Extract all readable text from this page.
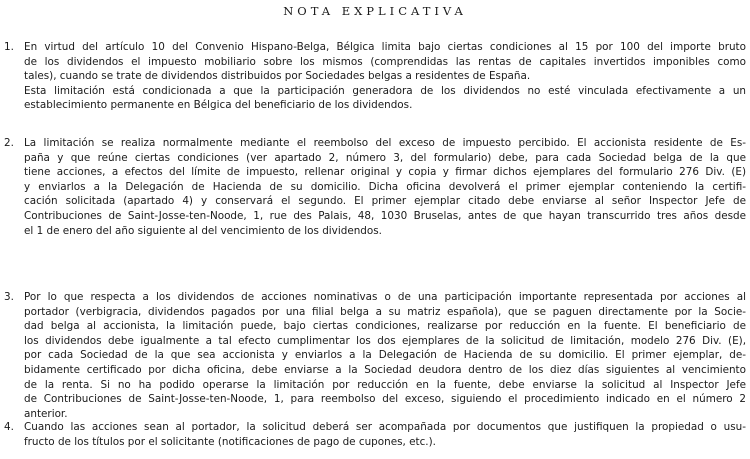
NOTA EXPLICATIVA
1. En virtud del artículo 10 del Convenio Hispano-Belga, Bélgica limita bajo ciertas condiciones al 15 por 100 del importe bruto
de los dividendos el impuesto mobiliario sobre los mismos (comprendidas las rentas de capitales invertidos imponibles como
tales), cuando se trate de dividendos distribuidos por Sociedades belgas a residentes de España.
Esta limitación está condicionada a que la participación generadora de los dividendos no esté vinculada efectivamente a un
establecimiento permanente en Bélgica del beneficiario de los dividendos.
2. La limitación se realiza normalmente mediante el reembolso del exceso de impuesto percibido. El accionista residente de Es-
paña y que reúne ciertas condiciones (ver apartado 2, número 3, del formulario) debe, para cada Sociedad belga de la que
tiene acciones, a efectos del límite de impuesto, rellenar original y copia y firmar dichos ejemplares del formulario 276 Div. (E)
y enviarlos a la Delegación de Hacienda de su domicilio. Dicha oficina devolverá el primer ejemplar conteniendo la certifi-
cación solicitada (apartado 4) y conservará el segundo. El primer ejemplar citado debe enviarse al señor Inspector Jefe de
Contribuciones de Saint-Josse-ten-Noode, 1, rue des Palais, 48, 1030 Bruselas, antes de que hayan transcurrido tres años desde
el 1 de enero del año siguiente al del vencimiento de los dividendos.
3. Por lo que respecta a los dividendos de acciones nominativas o de una participación importante representada por acciones al
portador (verbigracia, dividendos pagados por una filial belga a su matriz española), que se paguen directamente por la Socie-
dad belga al accionista, la limitación puede, bajo ciertas condiciones, realizarse por reducción en la fuente. El beneficiario de
los dividendos debe igualmente a tal efecto cumplimentar los dos ejemplares de la solicitud de limitación, modelo 276 Div. (E),
por cada Sociedad de la que sea accionista y enviarlos a la Delegación de Hacienda de su domicilio. El primer ejemplar, de-
bidamente certificado por dicha oficina, debe enviarse a la Sociedad deudora dentro de los diez días siguientes al vencimiento
de la renta. Si no ha podido operarse la limitación por reducción en la fuente, debe enviarse la solicitud al Inspector Jefe
de Contribuciones de Saint-Josse-ten-Noode, 1, para reembolso del exceso, siguiendo el procedimiento indicado en el número 2
anterior.
4. Cuando las acciones sean al portador, la solicitud deberá ser acompañada por documentos que justifiquen la propiedad o usu-
fructo de los títulos por el solicitante (notificaciones de pago de cupones, etc.).
